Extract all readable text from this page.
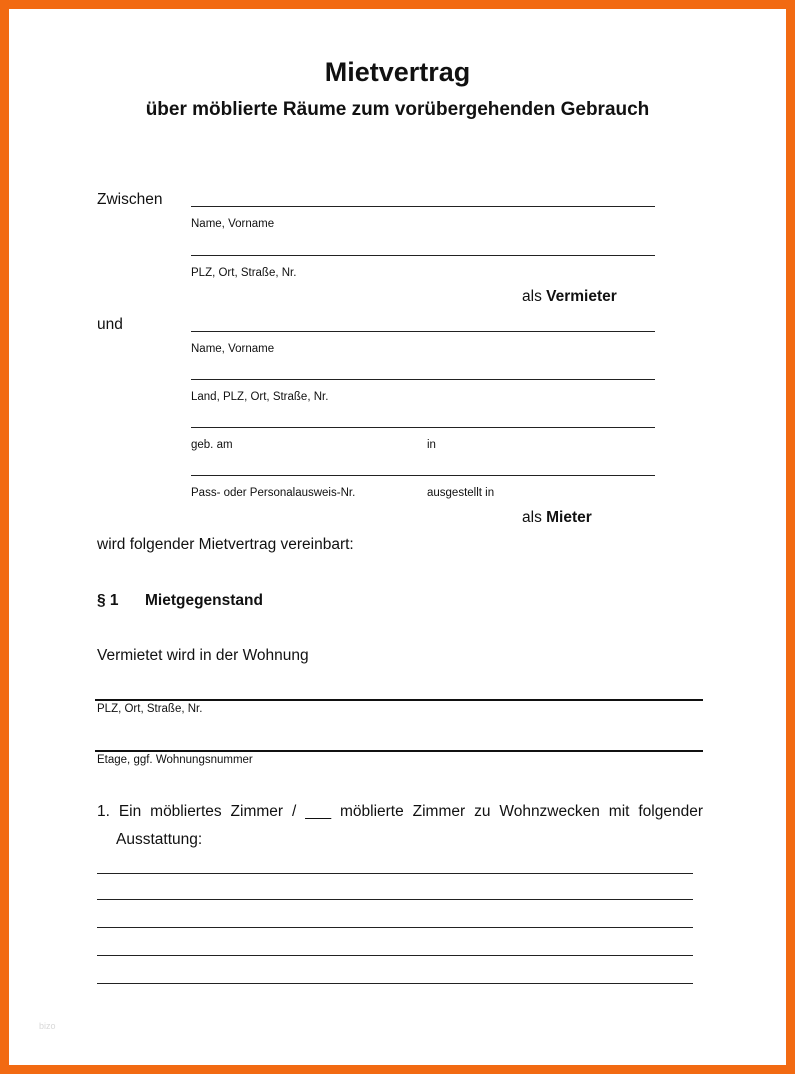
Mietvertrag
über möblierte Räume zum vorübergehenden Gebrauch
Zwischen
Name, Vorname
PLZ, Ort, Straße, Nr.
als Vermieter
und
Name, Vorname
Land, PLZ, Ort, Straße, Nr.
geb. am	in
Pass- oder Personalausweis-Nr.	ausgestellt in
als Mieter
wird folgender Mietvertrag vereinbart:
§ 1 Mietgegenstand
Vermietet wird in der Wohnung
PLZ, Ort, Straße, Nr.
Etage, ggf. Wohnungsnummer
1. Ein möbliertes Zimmer / ___ möblierte Zimmer zu Wohnzwecken mit folgender
Ausstattung:
bizo
